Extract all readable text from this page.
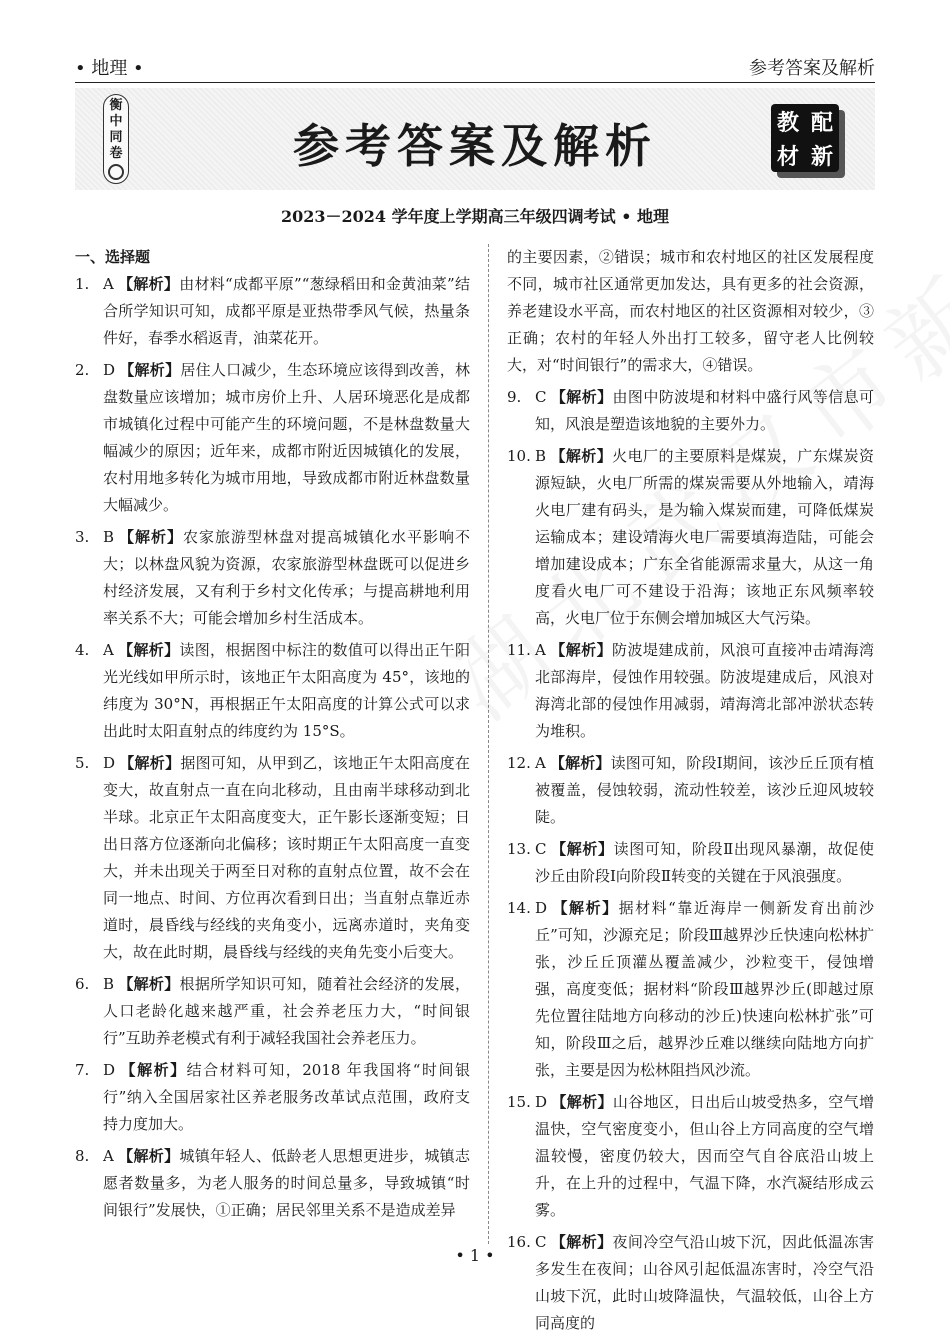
• 地理 •	参考答案及解析
衡
中
同
卷	参考答案及解析	教 配
材 新
2023－2024 学年度上学期高三年级四调考试 • 地理

一、选择题

1. A 【解析】由材料“成都平原”“葱绿稻田和金黄油菜”结合所学知识可知，成都平原是亚热带季风气候，热量条件好，春季水稻返青，油菜花开。
2. D 【解析】居住人口减少，生态环境应该得到改善，林盘数量应该增加；城市房价上升、人居环境恶化是成都市城镇化过程中可能产生的环境问题，不是林盘数量大幅减少的原因；近年来，成都市附近因城镇化的发展，农村用地多转化为城市用地，导致成都市附近林盘数量大幅减少。
3. B 【解析】农家旅游型林盘对提高城镇化水平影响不大；以林盘风貌为资源，农家旅游型林盘既可以促进乡村经济发展，又有利于乡村文化传承；与提高耕地利用率关系不大；可能会增加乡村生活成本。
4. A 【解析】读图，根据图中标注的数值可以得出正午阳光光线如甲所示时，该地正午太阳高度为 45°，该地的纬度为 30°N，再根据正午太阳高度的计算公式可以求出此时太阳直射点的纬度约为 15°S。
5. D 【解析】据图可知，从甲到乙，该地正午太阳高度在变大，故直射点一直在向北移动，且由南半球移动到北半球。北京正午太阳高度变大，正午影长逐渐变短；日出日落方位逐渐向北偏移；该时期正午太阳高度一直变大，并未出现关于两至日对称的直射点位置，故不会在同一地点、时间、方位再次看到日出；当直射点靠近赤道时，晨昏线与经线的夹角变小，远离赤道时，夹角变大，故在此时期，晨昏线与经线的夹角先变小后变大。
6. B 【解析】根据所学知识可知，随着社会经济的发展，人口老龄化越来越严重，社会养老压力大，“时间银行”互助养老模式有利于减轻我国社会养老压力。
7. D 【解析】结合材料可知，2018 年我国将“时间银行”纳入全国居家社区养老服务改革试点范围，政府支持力度加大。
8. A 【解析】城镇年轻人、低龄老人思想更进步，城镇志愿者数量多，为老人服务的时间总量多，导致城镇“时间银行”发展快，①正确；居民邻里关系不是造成差异
的主要因素，②错误；城市和农村地区的社区发展程度不同，城市社区通常更加发达，具有更多的社会资源，养老建设水平高，而农村地区的社区资源相对较少，③正确；农村的年轻人外出打工较多，留守老人比例较大，对“时间银行”的需求大，④错误。
9. C 【解析】由图中防波堤和材料中盛行风等信息可知，风浪是塑造该地貌的主要外力。
10. B 【解析】火电厂的主要原料是煤炭，广东煤炭资源短缺，火电厂所需的煤炭需要从外地输入，靖海火电厂建有码头，是为输入煤炭而建，可降低煤炭运输成本；建设靖海火电厂需要填海造陆，可能会增加建设成本；广东全省能源需求量大，从这一角度看火电厂可不建设于沿海；该地正东风频率较高，火电厂位于东侧会增加城区大气污染。
11. A 【解析】防波堤建成前，风浪可直接冲击靖海湾北部海岸，侵蚀作用较强。防波堤建成后，风浪对海湾北部的侵蚀作用减弱，靖海湾北部冲淤状态转为堆积。
12. A 【解析】读图可知，阶段Ⅰ期间，该沙丘丘顶有植被覆盖，侵蚀较弱，流动性较差，该沙丘迎风坡较陡。
13. C 【解析】读图可知，阶段Ⅱ出现风暴潮，故促使沙丘由阶段Ⅰ向阶段Ⅱ转变的关键在于风浪强度。
14. D 【解析】据材料“靠近海岸一侧新发育出前沙丘”可知，沙源充足；阶段Ⅲ越界沙丘快速向松林扩张，沙丘丘顶灌丛覆盖减少，沙粒变干，侵蚀增强，高度变低；据材料“阶段Ⅲ越界沙丘(即越过原先位置往陆地方向移动的沙丘)快速向松林扩张”可知，阶段Ⅲ之后，越界沙丘难以继续向陆地方向扩张，主要是因为松林阻挡风沙流。
15. D 【解析】山谷地区，日出后山坡受热多，空气增温快，空气密度变小，但山谷上方同高度的空气增温较慢，密度仍较大，因而空气自谷底沿山坡上升，在上升的过程中，气温下降，水汽凝结形成云雾。
16. C 【解析】夜间冷空气沿山坡下沉，因此低温冻害多发生在夜间；山谷风引起低温冻害时，冷空气沿山坡下沉，此时山坡降温快，气温较低，山谷上方同高度的
• 1 •
